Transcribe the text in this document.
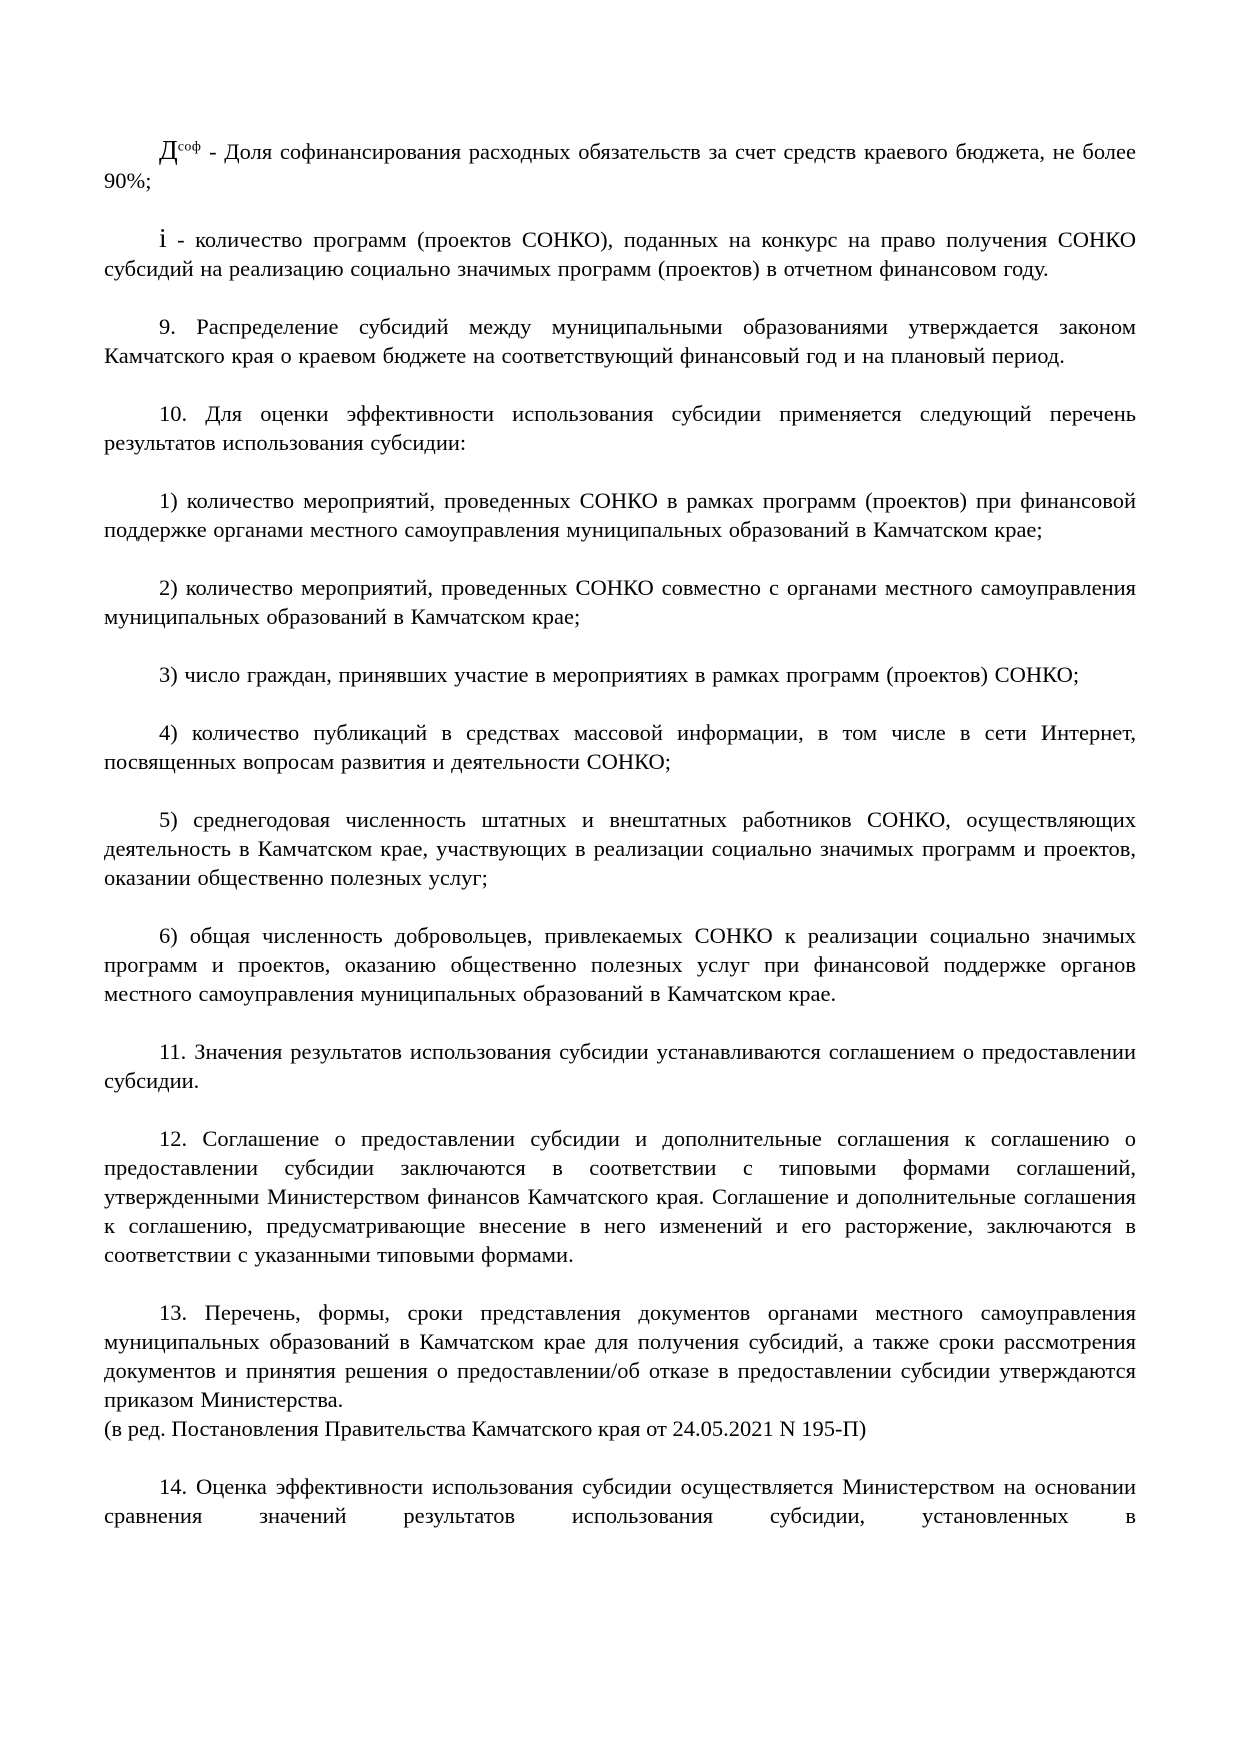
$Д^{соф}$ - Доля софинансирования расходных обязательств за счет средств краевого бюджета, не более 90%;

i - количество программ (проектов СОНКО), поданных на конкурс на право получения СОНКО субсидий на реализацию социально значимых программ (проектов) в отчетном финансовом году.

9. Распределение субсидий между муниципальными образованиями утверждается законом Камчатского края о краевом бюджете на соответствующий финансовый год и на плановый период.

10. Для оценки эффективности использования субсидии применяется следующий перечень результатов использования субсидии:

1) количество мероприятий, проведенных СОНКО в рамках программ (проектов) при финансовой поддержке органами местного самоуправления муниципальных образований в Камчатском крае;

2) количество мероприятий, проведенных СОНКО совместно с органами местного самоуправления муниципальных образований в Камчатском крае;

3) число граждан, принявших участие в мероприятиях в рамках программ (проектов) СОНКО;

4) количество публикаций в средствах массовой информации, в том числе в сети Интернет, посвященных вопросам развития и деятельности СОНКО;

5) среднегодовая численность штатных и внештатных работников СОНКО, осуществляющих деятельность в Камчатском крае, участвующих в реализации социально значимых программ и проектов, оказании общественно полезных услуг;

6) общая численность добровольцев, привлекаемых СОНКО к реализации социально значимых программ и проектов, оказанию общественно полезных услуг при финансовой поддержке органов местного самоуправления муниципальных образований в Камчатском крае.

11. Значения результатов использования субсидии устанавливаются соглашением о предоставлении субсидии.

12. Соглашение о предоставлении субсидии и дополнительные соглашения к соглашению о предоставлении субсидии заключаются в соответствии с типовыми формами соглашений, утвержденными Министерством финансов Камчатского края. Соглашение и дополнительные соглашения к соглашению, предусматривающие внесение в него изменений и его расторжение, заключаются в соответствии с указанными типовыми формами.

13. Перечень, формы, сроки представления документов органами местного самоуправления муниципальных образований в Камчатском крае для получения субсидий, а также сроки рассмотрения документов и принятия решения о предоставлении/об отказе в предоставлении субсидии утверждаются приказом Министерства.

(в ред. Постановления Правительства Камчатского края от 24.05.2021 N 195-П)

14. Оценка эффективности использования субсидии осуществляется Министерством на основании сравнения значений результатов использования субсидии, установленных в
